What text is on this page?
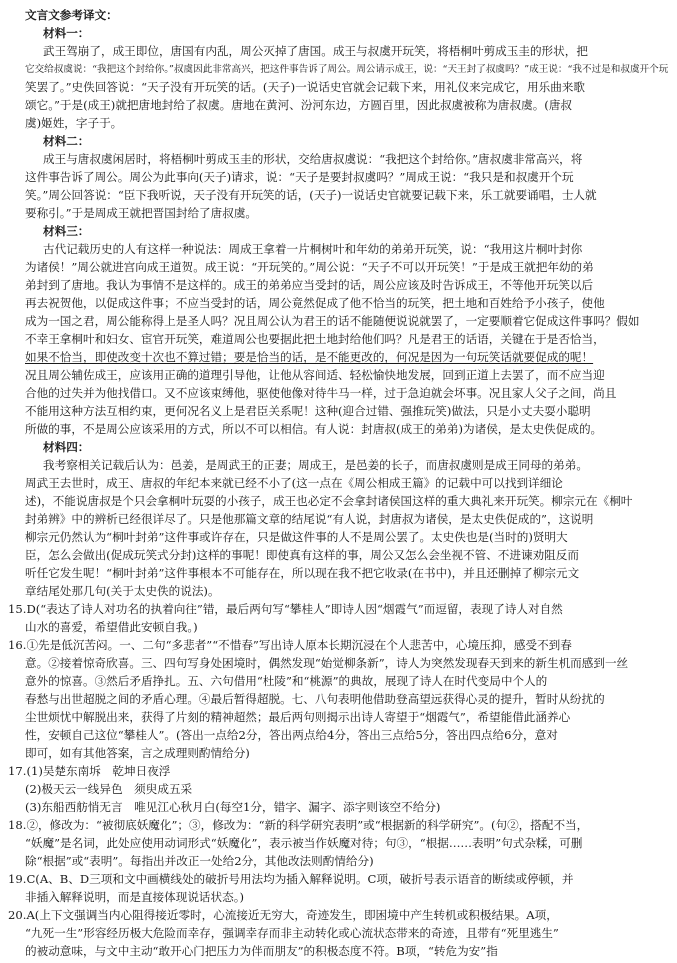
文言文参考译文：
材料一：
武王驾崩了，成王即位，唐国有内乱，周公灭掉了唐国。成王与叔虞开玩笑，将梧桐叶剪成玉圭的形状，把
它交给叔虞说：“我把这个封给你。”叔虞因此非常高兴，把这件事告诉了周公。周公请示成王，说：“天王封了叔虞吗？”成王说：“我不过是和叔虞开个玩
笑罢了。”史佚回答说：“天子没有开玩笑的话。(天子)一说话史官就会记载下来，用礼仪来完成它，用乐曲来歌
颂它。”于是(成王)就把唐地封给了叔虞。唐地在黄河、汾河东边，方圆百里，因此叔虞被称为唐叔虞。(唐叔
虞)姬姓，字子于。
材料二：
成王与唐叔虞闲居时，将梧桐叶剪成玉圭的形状，交给唐叔虞说：“我把这个封给你。”唐叔虞非常高兴，将
这件事告诉了周公。周公为此事向(天子)请求，说：“天子是要封叔虞吗？”周成王说：“我只是和叔虞开个玩
笑。”周公回答说：“臣下我听说，天子没有开玩笑的话，(天子)一说话史官就要记载下来，乐工就要诵唱，士人就
要称引。”于是周成王就把晋国封给了唐叔虞。
材料三：
古代记载历史的人有这样一种说法：周成王拿着一片桐树叶和年幼的弟弟开玩笑，说：“我用这片桐叶封你
为诸侯！”周公就进宫向成王道贺。成王说：“开玩笑的。”周公说：“天子不可以开玩笑！”于是成王就把年幼的弟
弟封到了唐地。我认为事情不是这样的。成王的弟弟应当受封的话，周公应该及时告诉成王，不等他开玩笑以后
再去祝贺他，以促成这件事；不应当受封的话，周公竟然促成了他不恰当的玩笑，把土地和百姓给予小孩子，使他
成为一国之君，周公能称得上是圣人吗？况且周公认为君王的话不能随便说说就罢了，一定要顺着它促成这件事吗？假如
不幸王拿桐叶和妇女、宦官开玩笑，难道周公也要据此把土地封给他们吗？凡是君王的话语，关键在于是否恰当，
如果不恰当，即使改变十次也不算过错；要是恰当的话，是不能更改的，何况是因为一句玩笑话就要促成的呢！
况且周公辅佐成王，应该用正确的道理引导他，让他从容间适、轻松愉快地发展，回到正道上去罢了，而不应当迎
合他的过失并为他找借口。又不应该束缚他，驱使他像对待牛马一样，过于急迫就会坏事。况且家人父子之间，尚且
不能用这种方法互相约束，更何况名义上是君臣关系呢！这种(迎合过错、强推玩笑)做法，只是小丈夫耍小聪明
所做的事，不是周公应该采用的方式，所以不可以相信。有人说：封唐叔(成王的弟弟)为诸侯，是太史佚促成的。
材料四：
我考察相关记载后认为：邑姜，是周武王的正妻；周成王，是邑姜的长子，而唐叔虞则是成王同母的弟弟。
周武王去世时，成王、唐叔的年纪本来就已经不小了(这一点在《周公相成王篇》的记载中可以找到详细论
述)，不能说唐叔是个只会拿桐叶玩耍的小孩子，成王也必定不会拿封诸侯国这样的重大典礼来开玩笑。柳宗元在《桐叶
封弟辨》中的辨析已经很详尽了。只是他那篇文章的结尾说“有人说，封唐叔为诸侯，是太史佚促成的”，这说明
柳宗元仍然认为“桐叶封弟”这件事或许存在，只是做这件事的人不是周公罢了。太史佚也是(当时的)贤明大
臣，怎么会做出(促成玩笑式分封)这样的事呢！即使真有这样的事，周公又怎么会坐视不管、不进谏劝阻反而
听任它发生呢！“桐叶封弟”这件事根本不可能存在，所以现在我不把它收录(在书中)，并且还删掉了柳宗元文
章结尾处那几句(关于太史佚的说法)。
15.D(“表达了诗人对功名的执着向往”错，最后两句写“攀桂人”即诗人因“烟霞气”而逗留，表现了诗人对自然
山水的喜爱，希望借此安顿自我。)
16.①先是低沉苦闷。一、二句“多悲者”“不惜春”写出诗人原本长期沉浸在个人悲苦中，心境压抑，感受不到春
意。②接着惊奇欣喜。三、四句写身处困境时，偶然发现“始觉柳条新”，诗人为突然发现春天到来的新生机而感到一丝
意外的惊喜。③然后矛盾挣扎。五、六句借用“杜陵”和“桃源”的典故，展现了诗人在时代变局中个人的
春愁与出世超脱之间的矛盾心理。④最后暂得超脱。七、八句表明他借助登高望远获得心灵的提升，暂时从纷扰的
尘世烦忧中解脱出来，获得了片刻的精神超然；最后两句则揭示出诗人寄望于“烟霞气”，希望能借此涵养心
性，安顿自己这位“攀桂人”。(答出一点给2分，答出两点给4分，答出三点给5分，答出四点给6分，意对
即可，如有其他答案，言之成理则酌情给分)
17.(1)吴楚东南坼　乾坤日夜浮
(2)极天云一线异色　须臾成五采
(3)东船西舫悄无言　唯见江心秋月白(每空1分，错字、漏字、添字则该空不给分)
18.②，修改为：“被彻底妖魔化”；③，修改为：“新的科学研究表明”或“根据新的科学研究”。(句②，搭配不当，
“妖魔”是名词，此处应使用动词形式“妖魔化”，表示被当作妖魔对待；句③，“根据……表明”句式杂糅，可删
除“根据”或“表明”。每指出并改正一处给2分，其他改法则酌情给分)
19.C(A、B、D三项和文中画横线处的破折号用法均为插入解释说明。C项，破折号表示语音的断续或停顿，并
非插入解释说明，而是直接体现说话状态。)
20.A(上下文强调当内心阻得接近零时，心流接近无穷大，奇迹发生，即困境中产生转机或积极结果。A项，
“九死一生”形容经历极大危险而幸存，强调幸存而非主动转化或心流状态带来的奇迹，且带有“死里逃生”
的被动意味，与文中主动“敢开心门把压力为伴而朋友”的积极态度不符。B项，“转危为安”指
